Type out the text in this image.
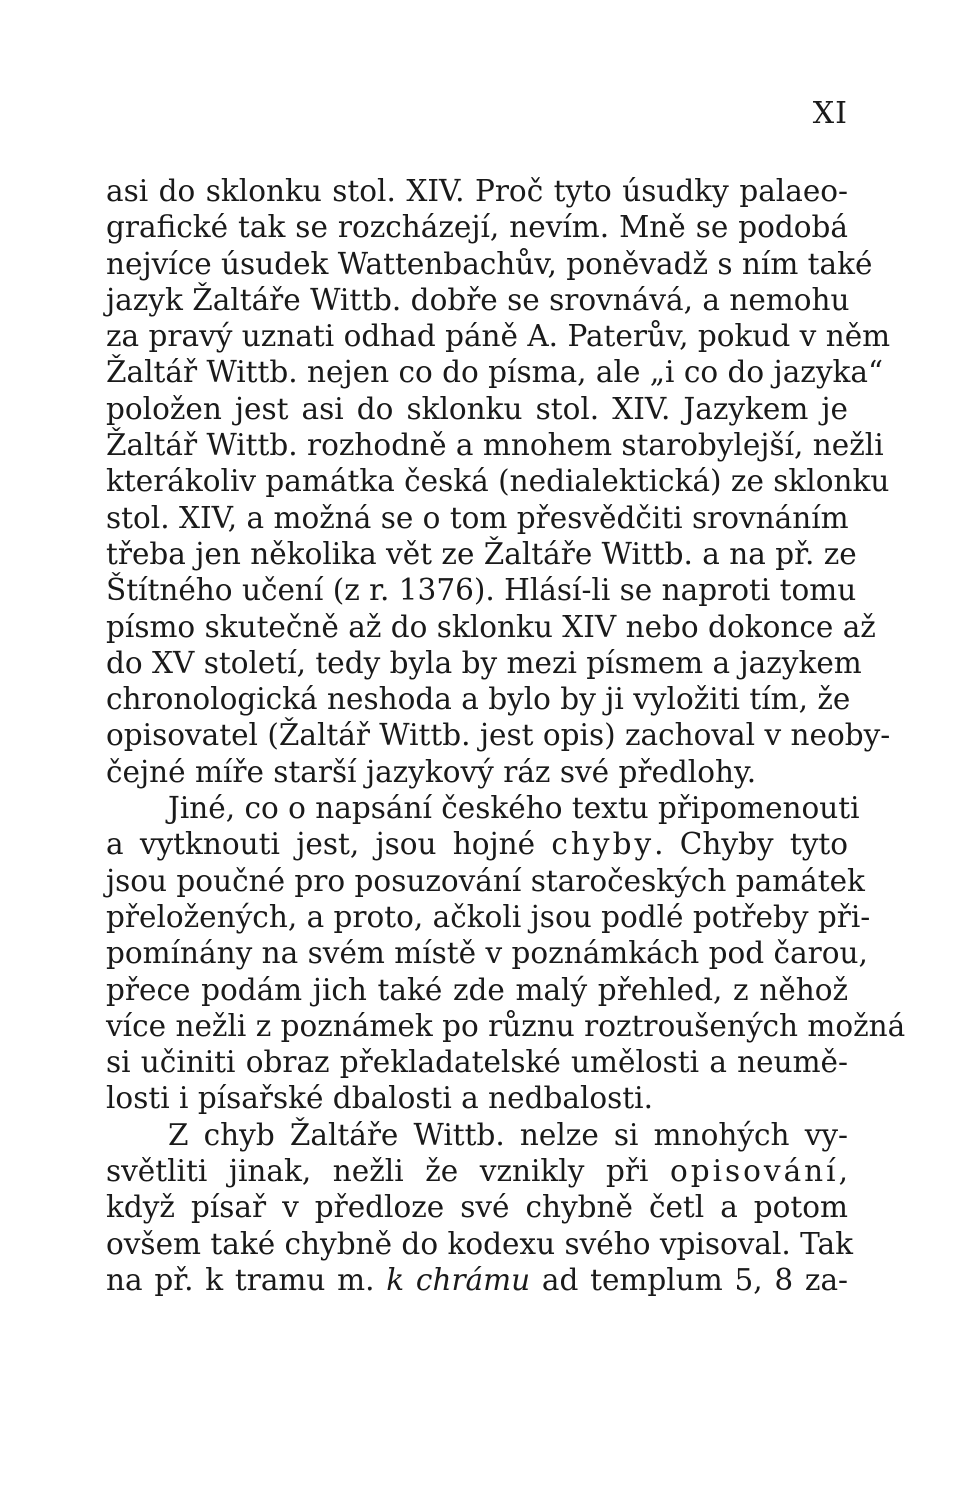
XI
asi do sklonku stol. XIV. Proč tyto úsudky palaeo-
grafické tak se rozcházejí, nevím. Mně se podobá
nejvíce úsudek Wattenbachův, poněvadž s ním také
jazyk Žaltáře Wittb. dobře se srovnává, a nemohu
za pravý uznati odhad páně A. Paterův, pokud v něm
Žaltář Wittb. nejen co do písma, ale „i co do jazyka“
položen jest asi do sklonku stol. XIV. Jazykem je
Žaltář Wittb. rozhodně a mnohem starobylejší, nežli
kterákoliv památka česká (nedialektická) ze sklonku
stol. XIV, a možná se o tom přesvědčiti srovnáním
třeba jen několika vět ze Žaltáře Wittb. a na př. ze
Štítného učení (z r. 1376). Hlásí-li se naproti tomu
písmo skutečně až do sklonku XIV nebo dokonce až
do XV století, tedy byla by mezi písmem a jazykem
chronologická neshoda a bylo by ji vyložiti tím, že
opisovatel (Žaltář Wittb. jest opis) zachoval v neoby-
čejné míře starší jazykový ráz své předlohy.
Jiné, co o napsání českého textu připomenouti
a vytknouti jest, jsou hojné chyby. Chyby tyto
jsou poučné pro posuzování staročeských památek
přeložených, a proto, ačkoli jsou podlé potřeby při-
pomínány na svém místě v poznámkách pod čarou,
přece podám jich také zde malý přehled, z něhož
více nežli z poznámek po různu roztroušených možná
si učiniti obraz překladatelské umělosti a neumě-
losti i písařské dbalosti a nedbalosti.
Z chyb Žaltáře Wittb. nelze si mnohých vy-
světliti jinak, nežli že vznikly při opisování,
když písař v předloze své chybně četl a potom
ovšem také chybně do kodexu svého vpisoval. Tak
na př. k tramu m. k chrámu ad templum 5, 8 za-
